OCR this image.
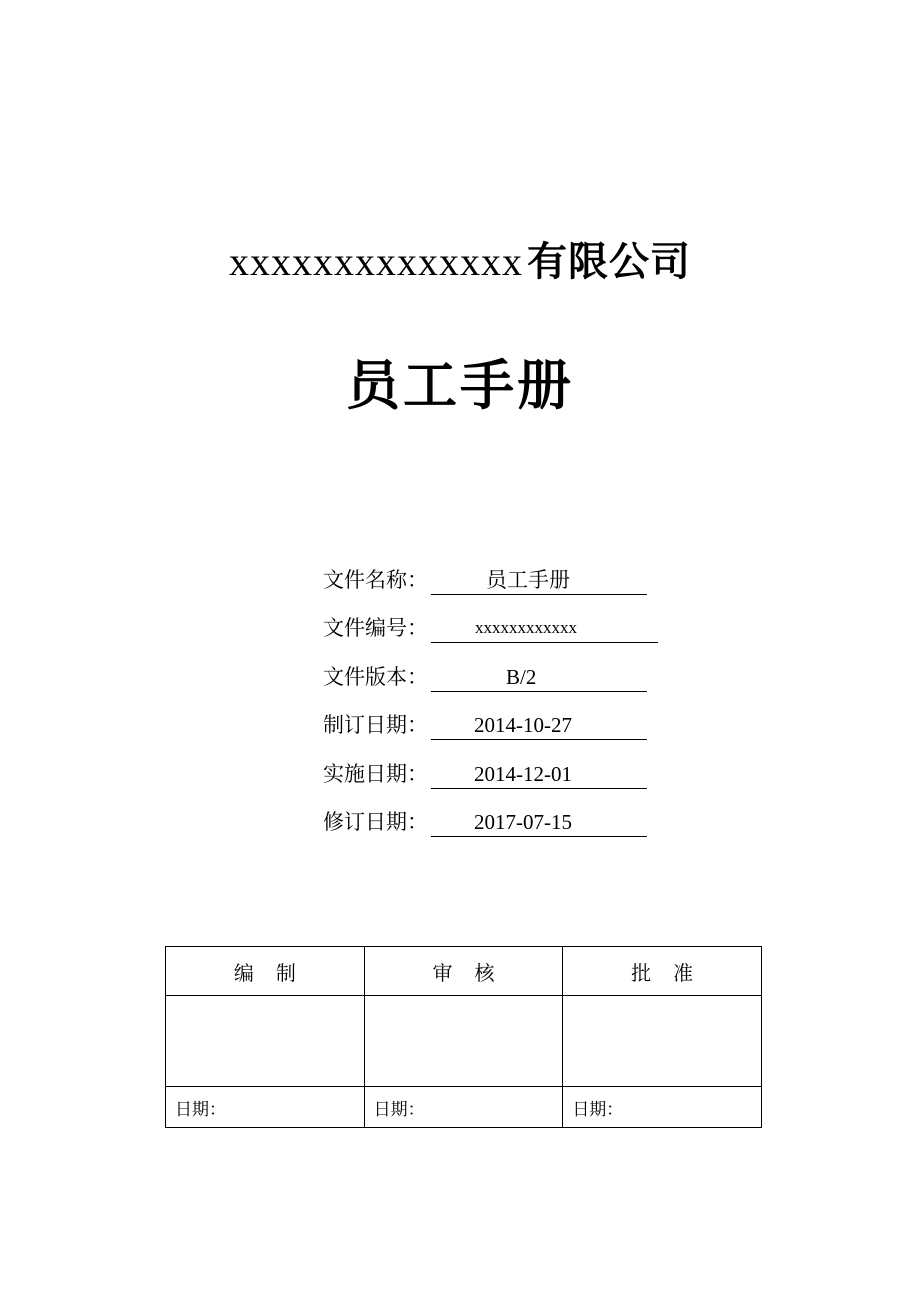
xxxxxxxxxxxxxx 有限公司
员工手册
文件名称：	员工手册
文件编号：	xxxxxxxxxxxx
文件版本：	B/2
制订日期：	2014-10-27
实施日期：	2014-12-01
修订日期：	2017-07-15
编制	审核	批准

日期：	日期：	日期：
